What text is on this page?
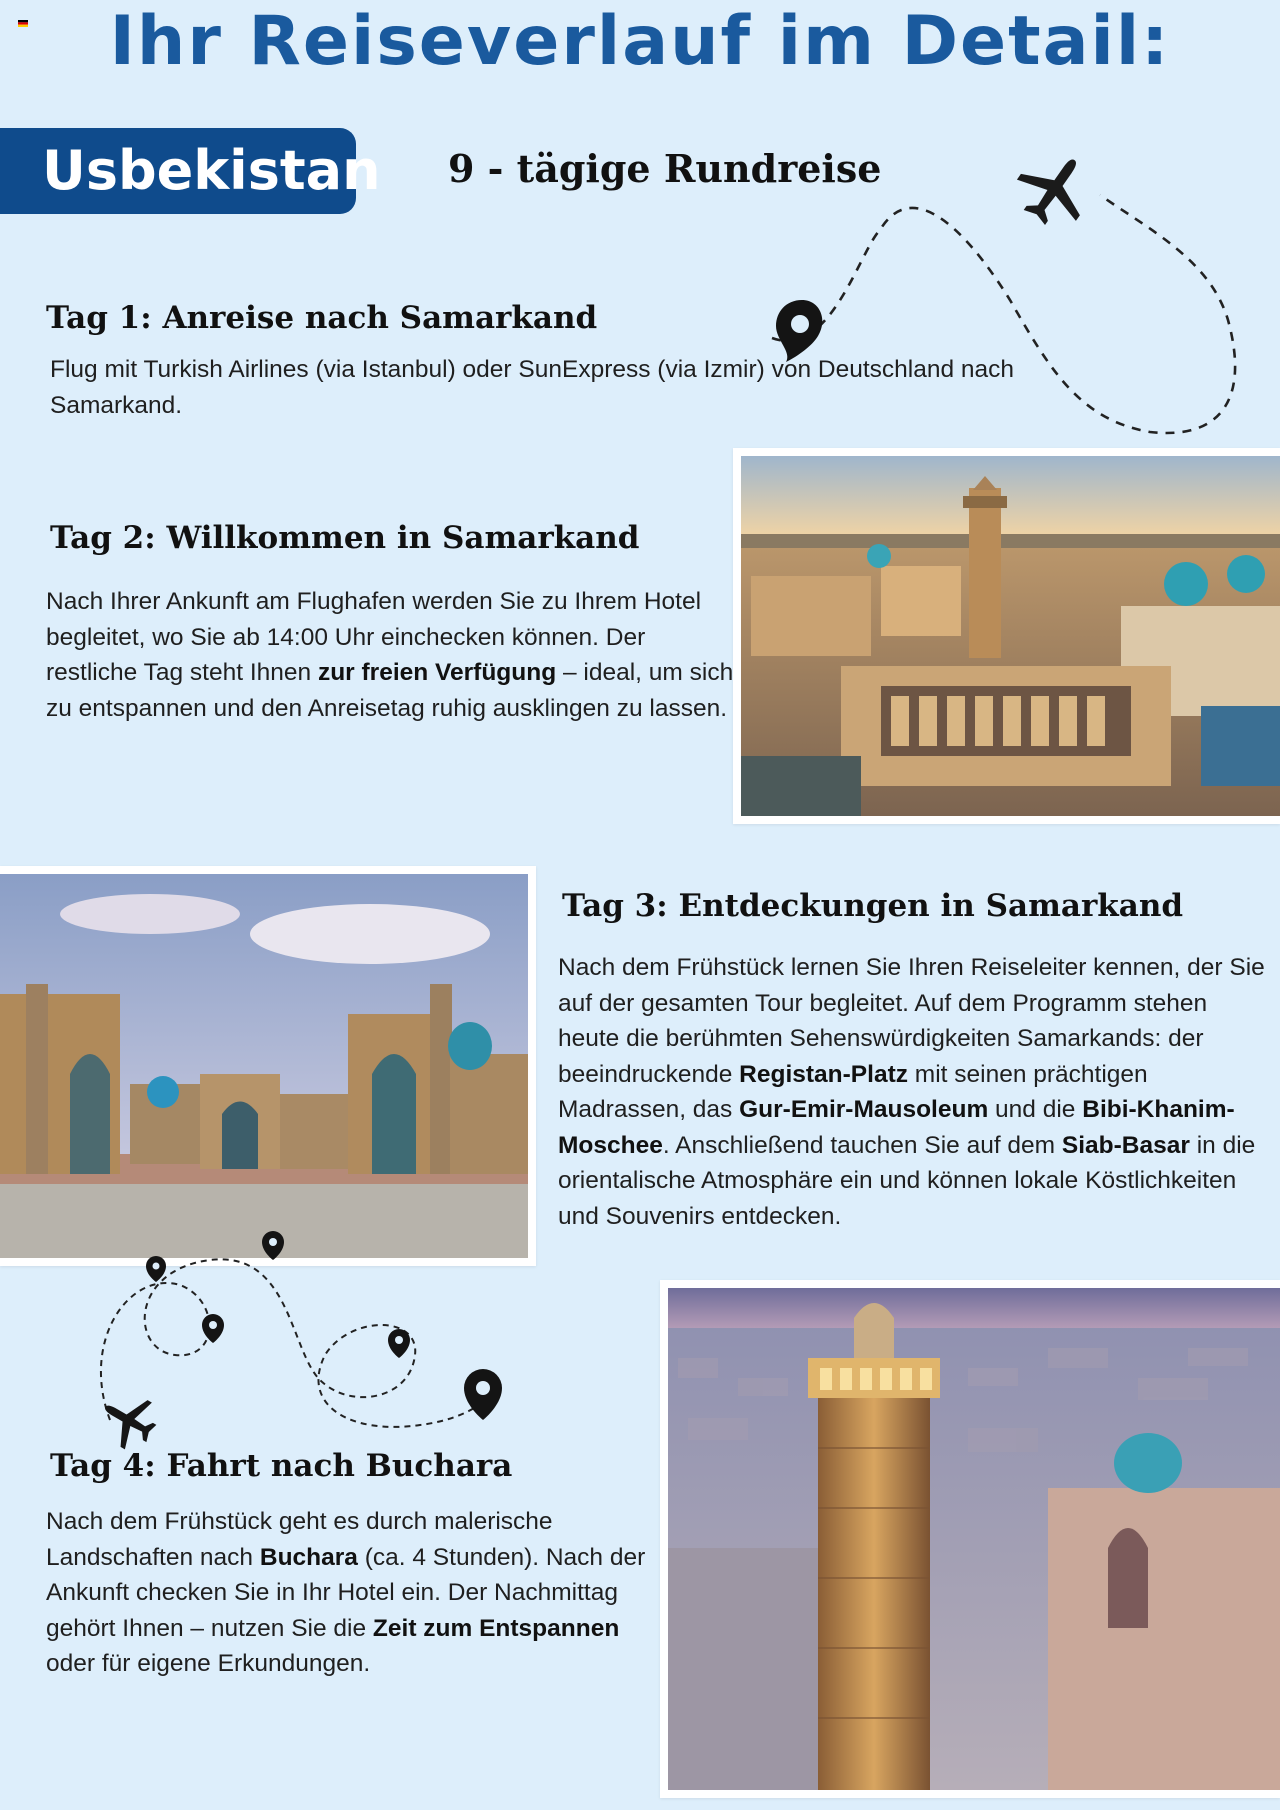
Ihr Reiseverlauf im Detail:
Usbekistan 9 - tägige Rundreise
Tag 1: Anreise nach Samarkand
Flug mit Turkish Airlines (via Istanbul) oder SunExpress (via Izmir) von Deutschland nach Samarkand.
Tag 2: Willkommen in Samarkand
Nach Ihrer Ankunft am Flughafen werden Sie zu Ihrem Hotel begleitet, wo Sie ab 14:00 Uhr einchecken können. Der restliche Tag steht Ihnen zur freien Verfügung – ideal, um sich zu entspannen und den Anreisetag ruhig ausklingen zu lassen.
Tag 3: Entdeckungen in Samarkand
Nach dem Frühstück lernen Sie Ihren Reiseleiter kennen, der Sie auf der gesamten Tour begleitet. Auf dem Programm stehen heute die berühmten Sehenswürdigkeiten Samarkands: der beeindruckende Registan-Platz mit seinen prächtigen Madrassen, das Gur-Emir-Mausoleum und die Bibi-Khanim-Moschee. Anschließend tauchen Sie auf dem Siab-Basar in die orientalische Atmosphäre ein und können lokale Köstlichkeiten und Souvenirs entdecken.
Tag 4: Fahrt nach Buchara
Nach dem Frühstück geht es durch malerische Landschaften nach Buchara (ca. 4 Stunden). Nach der Ankunft checken Sie in Ihr Hotel ein. Der Nachmittag gehört Ihnen – nutzen Sie die Zeit zum Entspannen oder für eigene Erkundungen.
